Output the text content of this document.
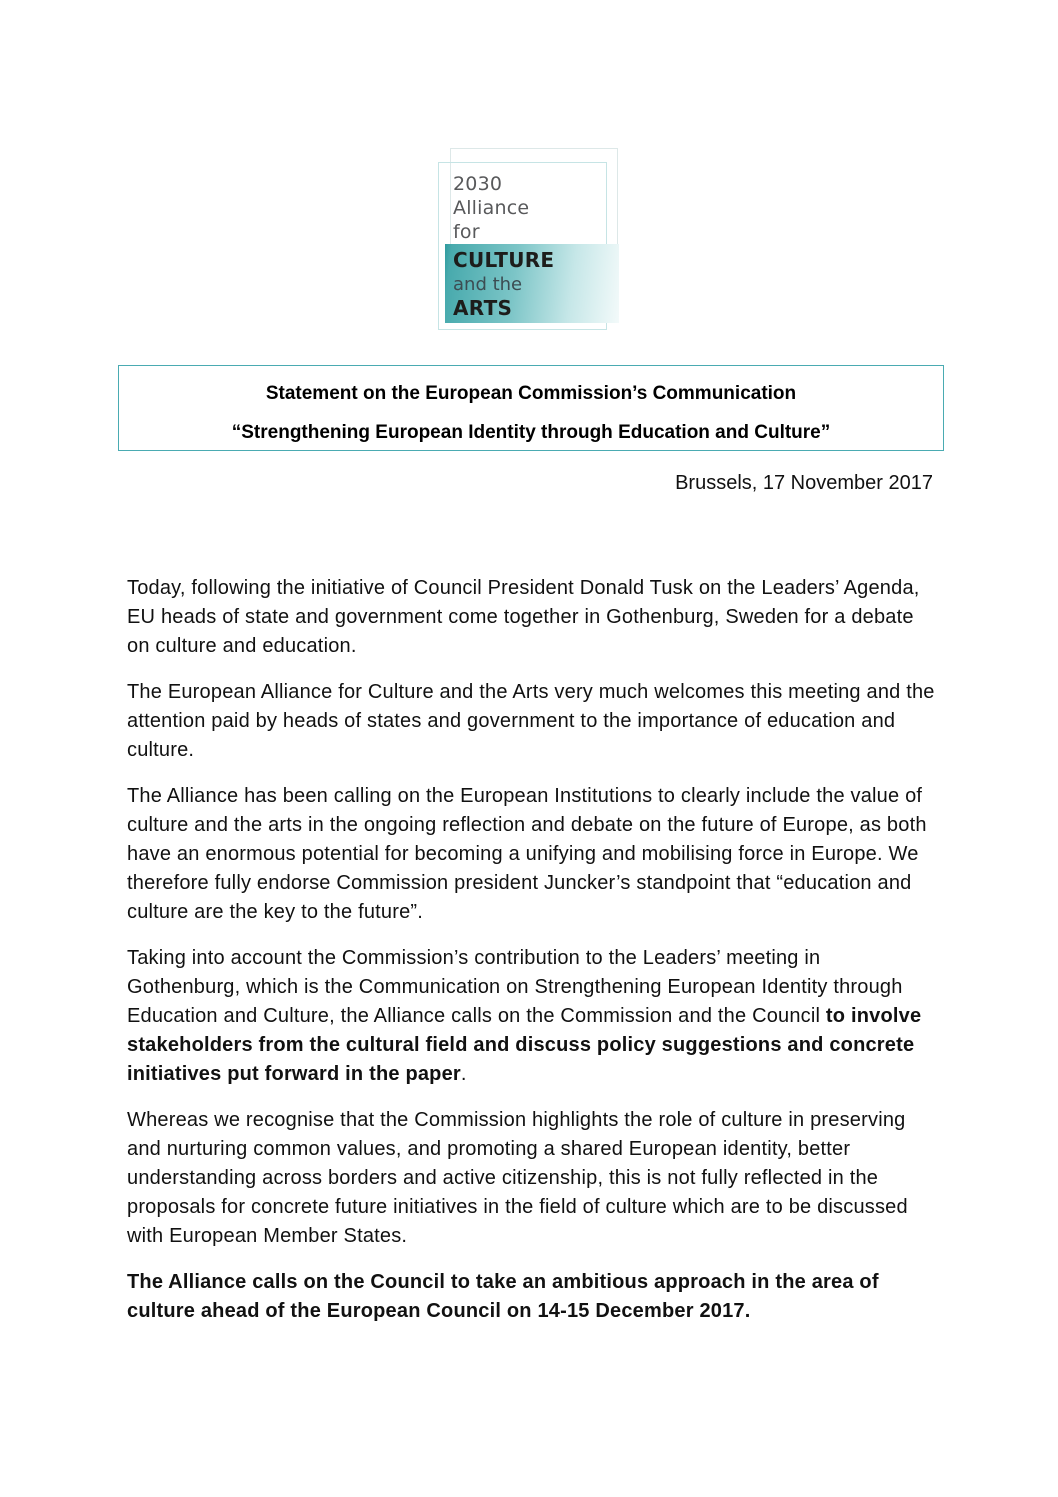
2030
Alliance
for
CULTURE
and the
ARTS
Statement on the European Commission’s Communication
“Strengthening European Identity through Education and Culture”
Brussels, 17 November 2017

Today, following the initiative of Council President Donald Tusk on the Leaders’ Agenda, EU heads of state and government come together in Gothenburg, Sweden for a debate on culture and education.

The European Alliance for Culture and the Arts very much welcomes this meeting and the attention paid by heads of states and government to the importance of education and culture.

The Alliance has been calling on the European Institutions to clearly include the value of culture and the arts in the ongoing reflection and debate on the future of Europe, as both have an enormous potential for becoming a unifying and mobilising force in Europe. We therefore fully endorse Commission president Juncker’s standpoint that “education and culture are the key to the future”.

Taking into account the Commission’s contribution to the Leaders’ meeting in Gothenburg, which is the Communication on Strengthening European Identity through Education and Culture, the Alliance calls on the Commission and the Council to involve stakeholders from the cultural field and discuss policy suggestions and concrete initiatives put forward in the paper.

Whereas we recognise that the Commission highlights the role of culture in preserving and nurturing common values, and promoting a shared European identity, better understanding across borders and active citizenship, this is not fully reflected in the proposals for concrete future initiatives in the field of culture which are to be discussed with European Member States.

The Alliance calls on the Council to take an ambitious approach in the area of culture ahead of the European Council on 14-15 December 2017.
